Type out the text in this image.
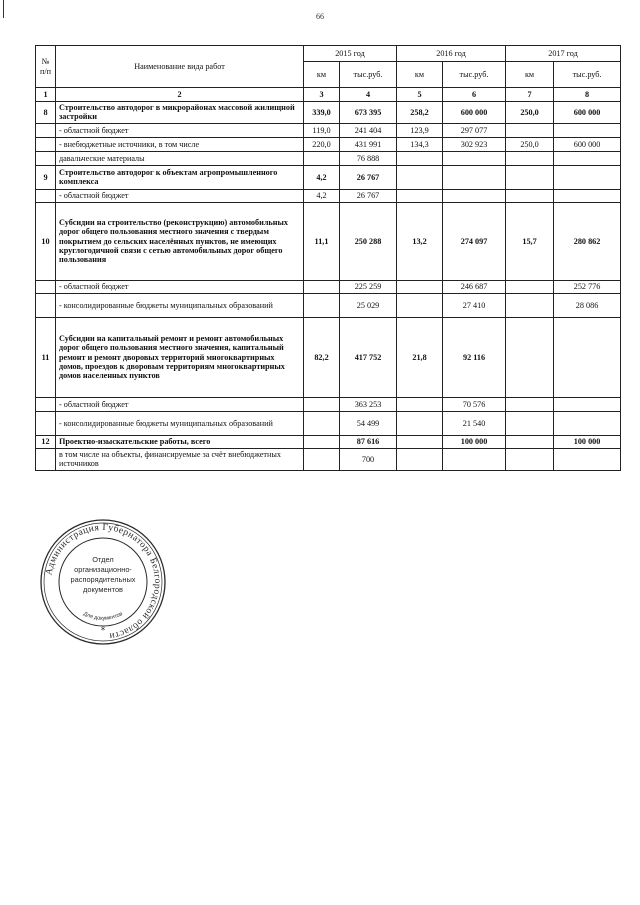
66
№ п/п	Наименование вида работ	2015 год		2016 год		2017 год	
		км	тыс.руб.	км	тыс.руб.	км	тыс.руб.
1	2	3	4	5	6	7	8
8	Строительство автодорог в микрорайонах массовой жилищной застройки	339,0	673 395	258,2	600 000	250,0	600 000
	- областной бюджет	119,0	241 404	123,9	297 077		
	- внебюджетные источники, в том числе	220,0	431 991	134,3	302 923	250,0	600 000
	давальческие материалы		76 888				
9	Строительство автодорог к объектам агропромышленного комплекса	4,2	26 767				
	- областной бюджет	4,2	26 767				
10	Субсидии на строительство (реконструкцию) автомобильных дорог общего пользования местного значения с твердым покрытием до сельских населённых пунктов, не имеющих круглогодичной связи с сетью автомобильных дорог общего пользования	11,1	250 288	13,2	274 097	15,7	280 862
	- областной бюджет		225 259		246 687		252 776
	- консолидированные бюджеты муниципальных образований		25 029		27 410		28 086
11	Субсидии на капитальный ремонт и ремонт автомобильных дорог общего пользования местного значения, капитальный ремонт и ремонт дворовых территорий многоквартирных домов, проездов к дворовым территориям многоквартирных домов населенных пунктов	82,2	417 752	21,8	92 116		
	- областной бюджет		363 253		70 576		
	- консолидированные бюджеты муниципальных образований		54 499		21 540		
12	Проектно-изыскательские работы, всего		87 616		100 000		100 000
	в том числе на объекты, финансируемые за счёт внебюджетных источников		700				
Администрация Губернатора Белгородской области
Для документов
*
Отдел
организационно-
распорядительных
документов
